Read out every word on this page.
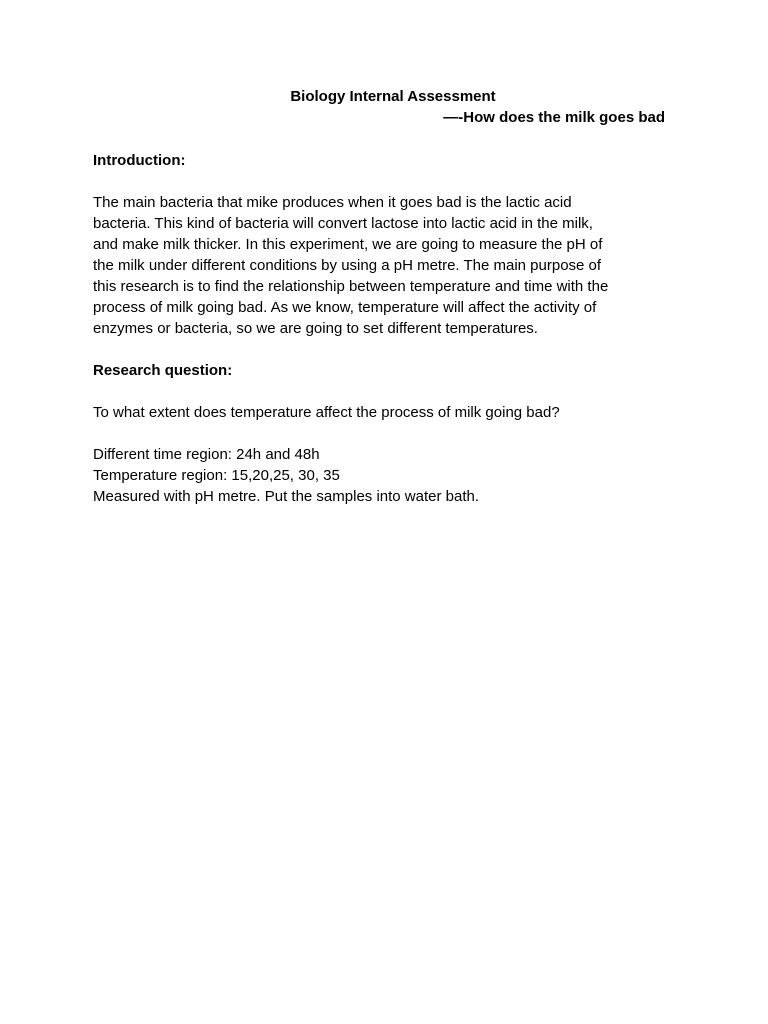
Biology Internal Assessment
—-How does the milk goes bad

Introduction:

The main bacteria that mike produces when it goes bad is the lactic acid
bacteria. This kind of bacteria will convert lactose into lactic acid in the milk,
and make milk thicker. In this experiment, we are going to measure the pH of
the milk under different conditions by using a pH metre. The main purpose of
this research is to find the relationship between temperature and time with the
process of milk going bad. As we know, temperature will affect the activity of
enzymes or bacteria, so we are going to set different temperatures.

Research question:

To what extent does temperature affect the process of milk going bad?

Different time region: 24h and 48h
Temperature region: 15,20,25, 30, 35
Measured with pH metre. Put the samples into water bath.
